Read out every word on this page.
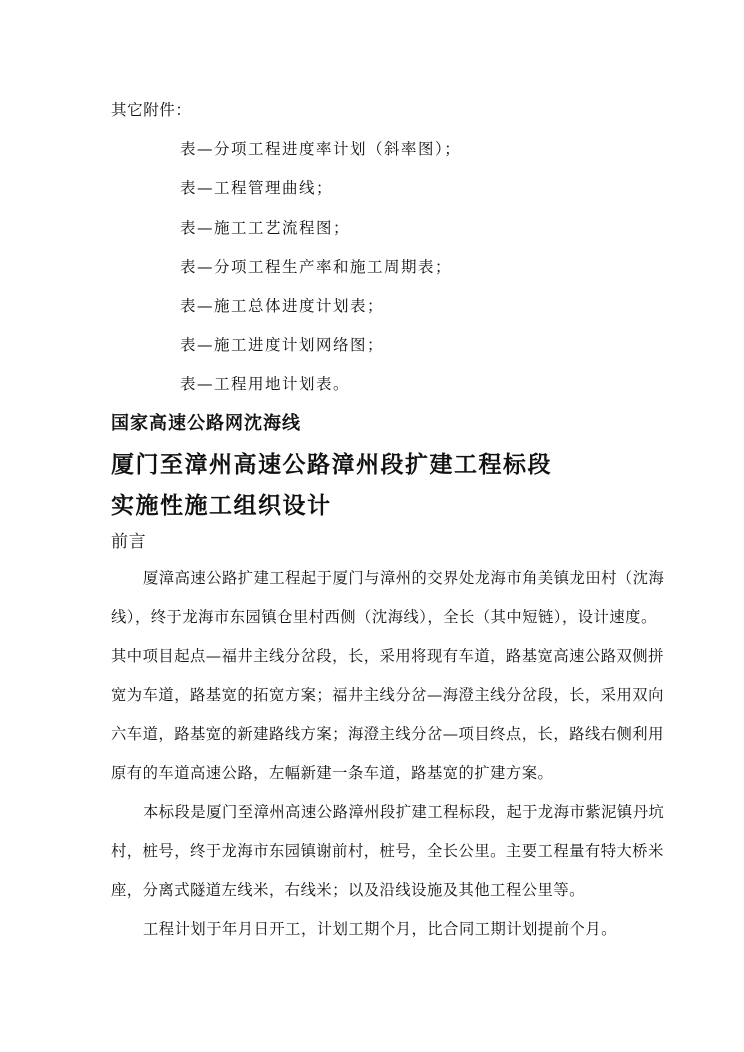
其它附件：
表—分项工程进度率计划（斜率图）；
表—工程管理曲线；
表—施工工艺流程图；
表—分项工程生产率和施工周期表；
表—施工总体进度计划表；
表—施工进度计划网络图；
表—工程用地计划表。
国家高速公路网沈海线
厦门至漳州高速公路漳州段扩建工程标段
实施性施工组织设计
前言
厦漳高速公路扩建工程起于厦门与漳州的交界处龙海市角美镇龙田村（沈海
线），终于龙海市东园镇仓里村西侧（沈海线），全长（其中短链），设计速度。
其中项目起点—福井主线分岔段，长，采用将现有车道，路基宽高速公路双侧拼
宽为车道，路基宽的拓宽方案；福井主线分岔—海澄主线分岔段，长，采用双向
六车道，路基宽的新建路线方案；海澄主线分岔—项目终点，长，路线右侧利用
原有的车道高速公路，左幅新建一条车道，路基宽的扩建方案。
本标段是厦门至漳州高速公路漳州段扩建工程标段，起于龙海市紫泥镇丹坑
村，桩号，终于龙海市东园镇谢前村，桩号，全长公里。主要工程量有特大桥米
座，分离式隧道左线米，右线米；以及沿线设施及其他工程公里等。
工程计划于年月日开工，计划工期个月，比合同工期计划提前个月。
